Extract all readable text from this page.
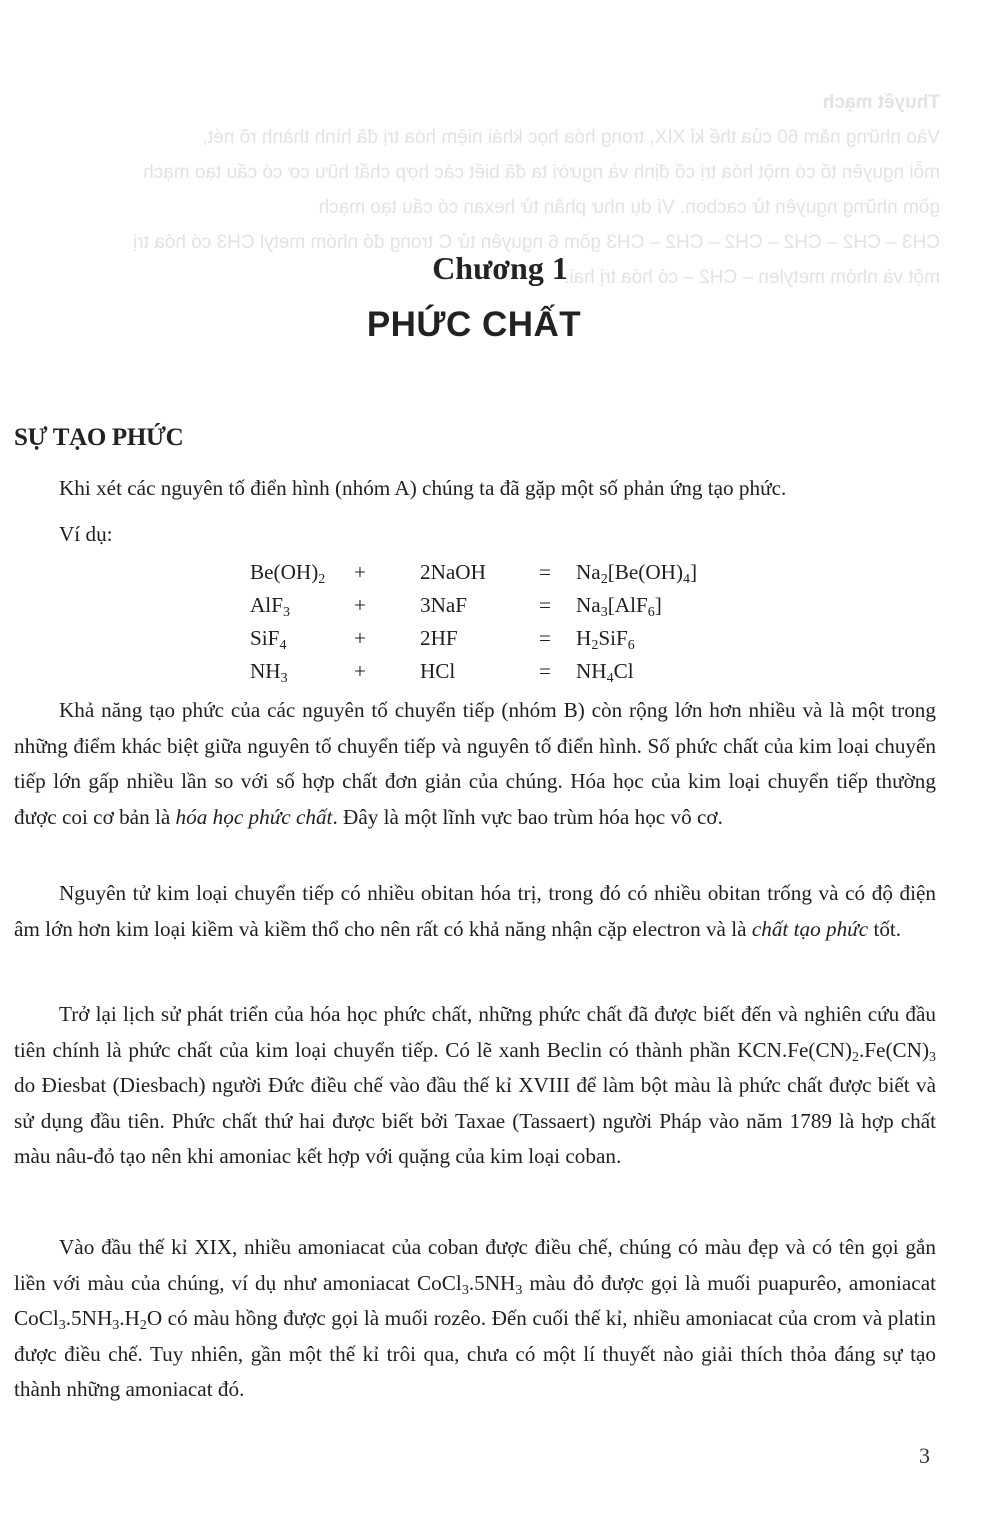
Thuyết mạch
Vào những năm 60 của thế kỉ XIX, trong hóa học khái niệm hóa trị đã hình thành rõ nét,
mỗi nguyên tố có một hóa trị cố định và người ta đã biết các hợp chất hữu cơ có cấu tạo mạch
gồm những nguyên tử cacbon. Ví dụ như phân tử hexan có cấu tạo mạch
CH3 – CH2 – CH2 – CH2 – CH2 – CH3 gồm 6 nguyên tử C trong đó nhóm metyl CH3 có hóa trị
một và nhóm metylen – CH2 – có hóa trị hai.
Chương 1
PHỨC CHẤT
SỰ TẠO PHỨC
Khi xét các nguyên tố điển hình (nhóm A) chúng ta đã gặp một số phản ứng tạo phức.
Ví dụ:
$Be(OH)_2$	+	2NaOH	=	$Na_2[Be(OH)_4]$
AlF$_3$	+	3NaF	=	$Na_3[AlF_6]$
SiF$_4$	+	2HF	=	$H_2SiF_6$
$NH_3$	+	HCl	=	$NH_4Cl$
Khả năng tạo phức của các nguyên tố chuyển tiếp (nhóm B) còn rộng lớn hơn nhiều và là một trong những điểm khác biệt giữa nguyên tố chuyển tiếp và nguyên tố điển hình. Số phức chất của kim loại chuyển tiếp lớn gấp nhiều lần so với số hợp chất đơn giản của chúng. Hóa học của kim loại chuyển tiếp thường được coi cơ bản là hóa học phức chất. Đây là một lĩnh vực bao trùm hóa học vô cơ.
Nguyên tử kim loại chuyển tiếp có nhiều obitan hóa trị, trong đó có nhiều obitan trống và có độ điện âm lớn hơn kim loại kiềm và kiềm thổ cho nên rất có khả năng nhận cặp electron và là chất tạo phức tốt.
Trở lại lịch sử phát triển của hóa học phức chất, những phức chất đã được biết đến và nghiên cứu đầu tiên chính là phức chất của kim loại chuyển tiếp. Có lẽ xanh Beclin có thành phần $KCN.Fe(CN)_2.Fe(CN)_3$ do Điesbat (Diesbach) người Đức điều chế vào đầu thế kỉ XVIII để làm bột màu là phức chất được biết và sử dụng đầu tiên. Phức chất thứ hai được biết bởi Taxae (Tassaert) người Pháp vào năm 1789 là hợp chất màu nâu-đỏ tạo nên khi amoniac kết hợp với quặng của kim loại coban.
Vào đầu thế kỉ XIX, nhiều amoniacat của coban được điều chế, chúng có màu đẹp và có tên gọi gắn liền với màu của chúng, ví dụ như amoniacat $CoCl_3.5NH_3$ màu đỏ được gọi là muối puapurêo, amoniacat $CoCl_3.5NH_3.H_2O$ có màu hồng được gọi là muối rozêo. Đến cuối thế kỉ, nhiều amoniacat của crom và platin được điều chế. Tuy nhiên, gần một thế kỉ trôi qua, chưa có một lí thuyết nào giải thích thỏa đáng sự tạo thành những amoniacat đó.
3
